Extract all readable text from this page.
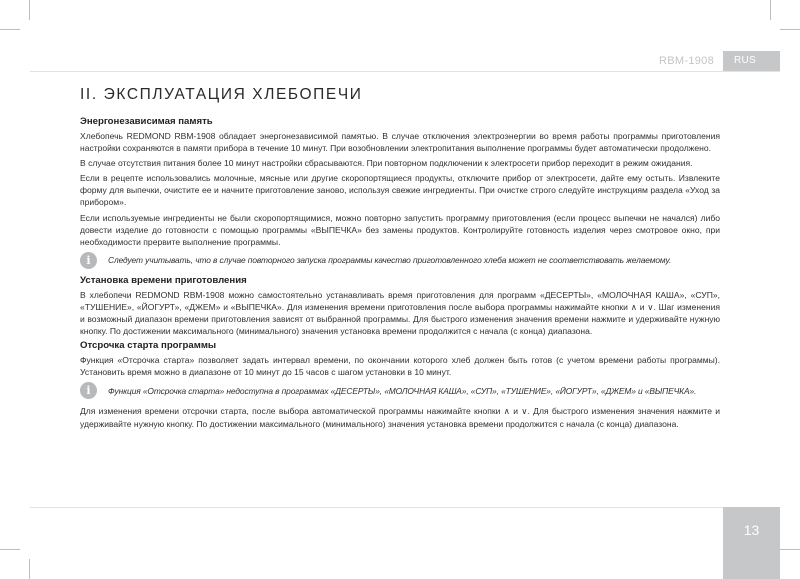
RBM-1908	RUS
II. ЭКСПЛУАТАЦИЯ ХЛЕБОПЕЧИ
Энергонезависимая память

Хлебопечь REDMOND RBM-1908 обладает энергонезависимой памятью. В случае отключения электроэнергии во время работы программы приготовления настройки сохраняются в памяти прибора в течение 10 минут. При возобновлении электропитания выполнение программы будет автоматически продолжено.

В случае отсутствия питания более 10 минут настройки сбрасываются. При повторном подключении к электросети прибор переходит в режим ожидания.

Если в рецепте использовались молочные, мясные или другие скоропортящиеся продукты, отключите прибор от электросети, дайте ему остыть. Извлеките форму для выпечки, очистите ее и начните приготовление заново, используя свежие ингредиенты. При очистке строго следуйте инструкциям раздела «Уход за прибором».

Если используемые ингредиенты не были скоропортящимися, можно повторно запустить программу приготовления (если процесс выпечки не начался) либо довести изделие до готовности с помощью программы «ВЫПЕЧКА» без замены продуктов. Контролируйте готовность изделия через смотровое окно, при необходимости прервите выполнение программы.

i	Следует учитывать, что в случае повторного запуска программы качество приготовленного хлеба может не соответствовать желаемому.
Установка времени приготовления

В хлебопечи REDMOND RBM-1908 можно самостоятельно устанавливать время приготовления для программ «ДЕСЕРТЫ», «МОЛОЧНАЯ КАША», «СУП», «ТУШЕНИЕ», «ЙОГУРТ», «ДЖЕМ» и «ВЫПЕЧКА». Для изменения времени приготовления после выбора программы нажимайте кнопки ∧ и ∨. Шаг изменения и возможный диапазон времени приготовления зависят от выбранной программы. Для быстрого изменения значения времени нажмите и удерживайте нужную кнопку. По достижении максимального (минимального) значения установка времени продолжится с начала (с конца) диапазона.

Отсрочка старта программы

Функция «Отсрочка старта» позволяет задать интервал времени, по окончании которого хлеб должен быть готов (с учетом времени работы программы). Установить время можно в диапазоне от 10 минут до 15 часов с шагом установки в 10 минут.

i	Функция «Отсрочка старта» недоступна в программах «ДЕСЕРТЫ», «МОЛОЧНАЯ КАША», «СУП», «ТУШЕНИЕ», «ЙОГУРТ», «ДЖЕМ» и «ВЫПЕЧКА».

Для изменения времени отсрочки старта, после выбора автоматической программы нажимайте кнопки ∧ и ∨. Для быстрого изменения значения нажмите и удерживайте нужную кнопку. По достижении максимального (минимального) значения установка времени продолжится с начала (с конца) диапазона.

13
